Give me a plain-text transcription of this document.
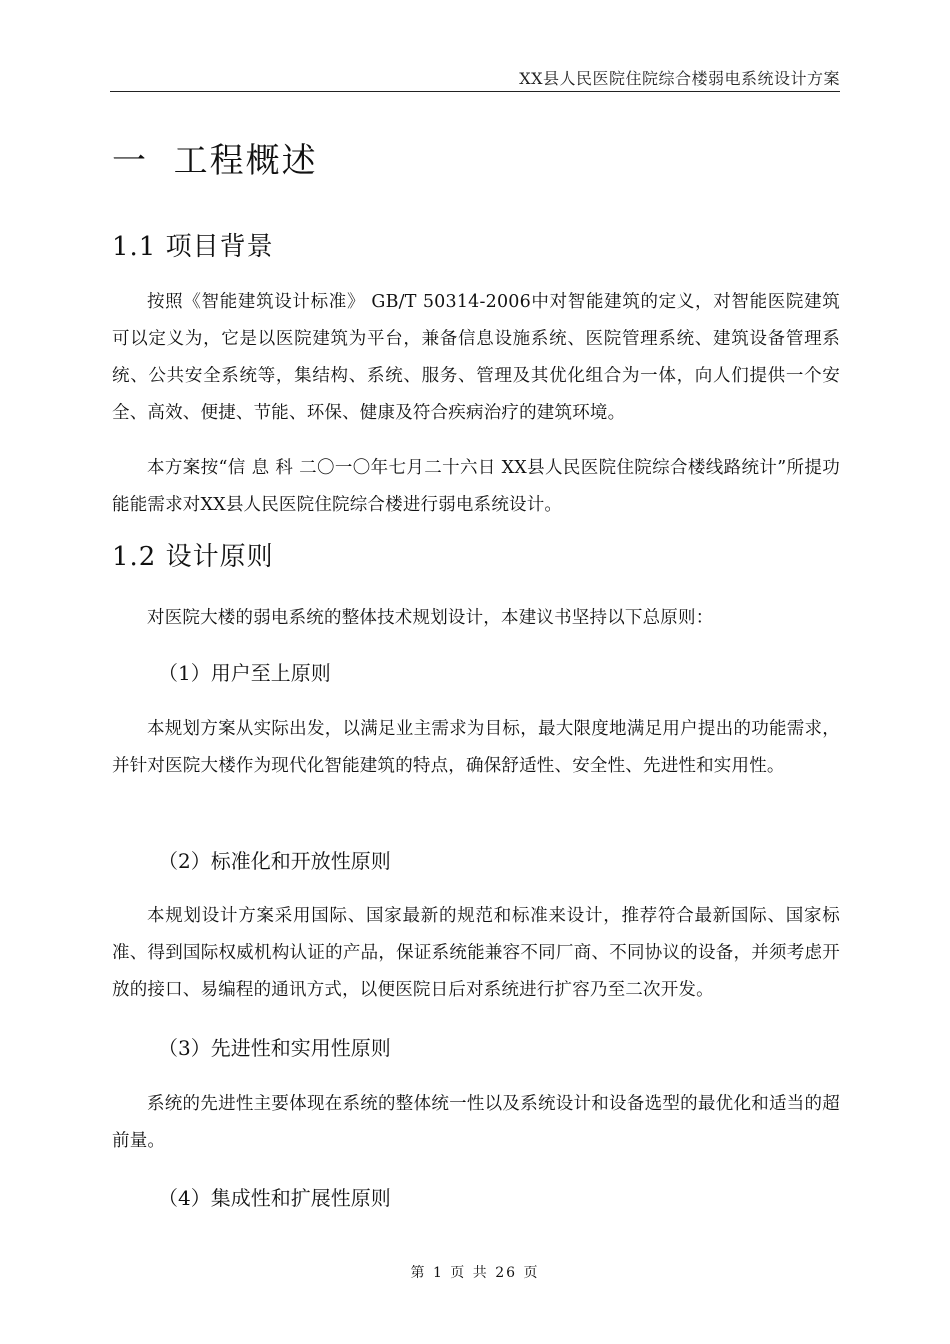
XX县人民医院住院综合楼弱电系统设计方案
一  工程概述
1.1 项目背景

按照《智能建筑设计标准》 GB/T 50314-2006中对智能建筑的定义，对智能医院建筑可以定义为，它是以医院建筑为平台，兼备信息设施系统、医院管理系统、建筑设备管理系统、公共安全系统等，集结构、系统、服务、管理及其优化组合为一体，向人们提供一个安全、高效、便捷、节能、环保、健康及符合疾病治疗的建筑环境。

本方案按“信 息 科 二〇一〇年七月二十六日 XX县人民医院住院综合楼线路统计”所提功能能需求对XX县人民医院住院综合楼进行弱电系统设计。

1.2 设计原则

对医院大楼的弱电系统的整体技术规划设计，本建议书坚持以下总原则：

（1）用户至上原则

本规划方案从实际出发，以满足业主需求为目标，最大限度地满足用户提出的功能需求，并针对医院大楼作为现代化智能建筑的特点，确保舒适性、安全性、先进性和实用性。

（2）标准化和开放性原则

本规划设计方案采用国际、国家最新的规范和标准来设计，推荐符合最新国际、国家标准、得到国际权威机构认证的产品，保证系统能兼容不同厂商、不同协议的设备，并须考虑开放的接口、易编程的通讯方式，以便医院日后对系统进行扩容乃至二次开发。

（3）先进性和实用性原则

系统的先进性主要体现在系统的整体统一性以及系统设计和设备选型的最优化和适当的超前量。

（4）集成性和扩展性原则
第 1 页 共 26 页
